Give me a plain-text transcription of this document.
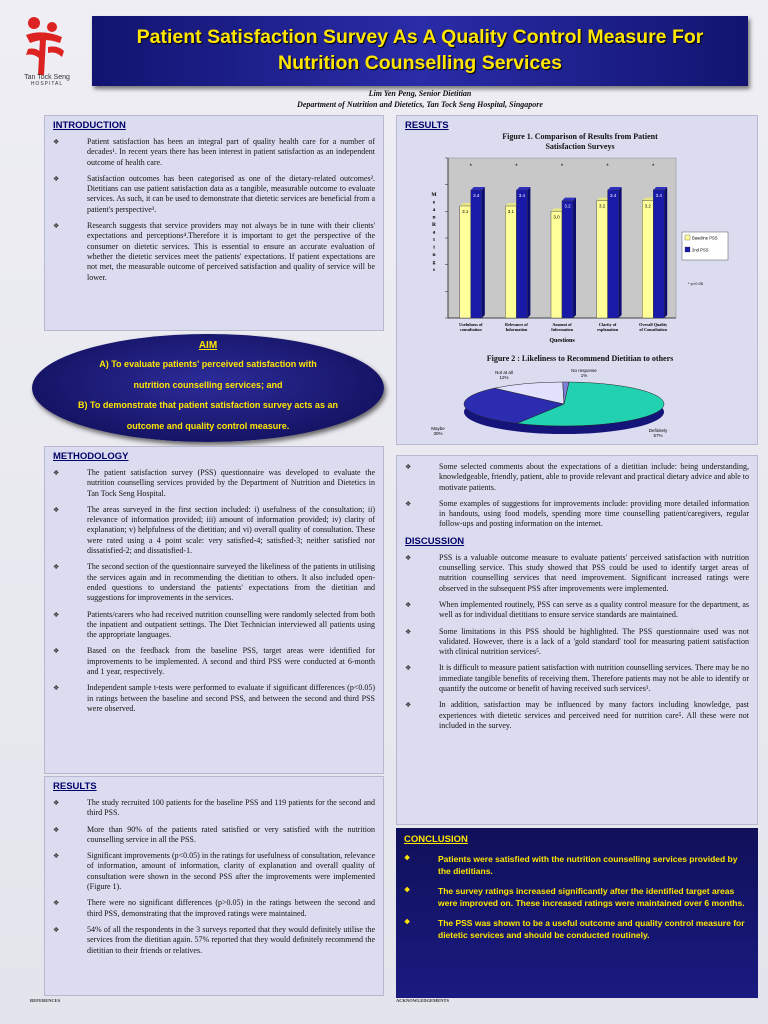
Tan Tock Seng
HOSPITAL
Patient Satisfaction Survey As A Quality Control Measure For
Nutrition Counselling Services
Lim Yen Peng, Senior Dietitian
Department of Nutrition and Dietetics, Tan Tock Seng Hospital, Singapore
INTRODUCTION
❖	Patient satisfaction has been an integral part of quality health care for a number of decades¹. In recent years there has been interest in patient satisfaction as an independent outcome of health care.
❖	Satisfaction outcomes has been categorised as one of the dietary-related outcomes². Dietitians can use patient satisfaction data as a tangible, measurable outcome to evaluate services. As such, it can be used to demonstrate that dietetic services are beneficial from a patient's perspective³.
❖	Research suggests that service providers may not always be in tune with their clients' expectations and perceptions⁴.Therefore it is important to get the perspective of the consumer on dietetic services. This is essential to ensure an accurate evaluation of whether the dietetic services meet the patients' expectations. If patient expectations are not met, the measurable outcome of perceived satisfaction and quality of service will be lower.
AIM
A) To evaluate patients' perceived satisfaction with
nutrition counselling services; and
B) To demonstrate that patient satisfaction survey acts as an
outcome and quality control measure.
METHODOLOGY
❖	The patient satisfaction survey (PSS) questionnaire was developed to evaluate the nutrition counselling services provided by the Department of Nutrition and Dietetics in Tan Tock Seng Hospital.
❖	The areas surveyed in the first section included: i) usefulness of the consultation; ii) relevance of information provided; iii) amount of information provided; iv) clarity of explanation; v) helpfulness of the dietitian; and vi) overall quality of consultation. These were rated using a 4 point scale: very satisfied-4; satisfied-3; neither satisfied nor dissatisfied-2; and dissatisfied-1.
❖	The second section of the questionnaire surveyed the likeliness of the patients in utilising the services again and in recommending the dietitian to others. It also included open-ended questions to understand the patients' expectations from the dietitian and suggestions for improvements in the services.
❖	Patients/carers who had received nutrition counselling were randomly selected from both the inpatient and outpatient settings. The Diet Technician interviewed all patients using the appropriate languages.
❖	Based on the feedback from the baseline PSS, target areas were identified for improvements to be implemented. A second and third PSS were conducted at 6-month and 1 year, respectively.
❖	Independent sample t-tests were performed to evaluate if significant differences (p<0.05) in ratings between the baseline and second PSS, and between the second and third PSS were observed.
RESULTS
❖	The study recruited 100 patients for the baseline PSS and 119 patients for the second and third PSS.
❖	More than 90% of the patients rated satisfied or very satisfied with the nutrition counselling service in all the PSS.
❖	Significant improvements (p<0.05) in the ratings for usefulness of consultation, relevance of information, amount of information, clarity of explanation and overall quality of consultation were shown in the second PSS after the improvements were implemented (Figure 1).
❖	There were no significant differences (p>0.05) in the ratings between the second and third PSS, demonstrating that the improved ratings were maintained.
❖	54% of all the respondents in the 3 surveys reported that they would definitely utilise the services from the dietitian again. 57% reported that they would definitely recommend the dietitian to their friends or relatives.
RESULTS
Figure 1. Comparison of Results from Patient
Satisfaction Surveys
M e a n R a t i n g s
3.1
3.4
*
Usefulness of consultation
3.1
3.4
*
Relevance of Information
3.0
3.2
*
Amount of Information
3.2
3.4
*
Clarity of explanation
3.2
3.4
*
Overall Quality of Consultation
Questions
Baseline PSS
2nd PSS
* p<0.05
Figure 2 : Likeliness to Recommend Dietitian to others
Definitely 57%
Maybe 30%
Not at all 12%
No response 1%
❖	Some selected comments about the expectations of a dietitian include: being understanding, knowledgeable, friendly, patient, able to provide relevant and practical dietary advice and able to motivate patients.
❖	Some examples of suggestions for improvements include: providing more detailed information in handouts, using food models, spending more time counselling patient/caregivers, regular follow-ups and posting information on the internet.
DISCUSSION
❖	PSS is a valuable outcome measure to evaluate patients' perceived satisfaction with nutrition counselling service. This study showed that PSS could be used to identify target areas of nutrition counselling services that need improvement. Significant increased ratings were observed in the subsequent PSS after improvements were implemented.
❖	When implemented routinely, PSS can serve as a quality control measure for the department, as well as for individual dietitians to ensure service standards are maintained.
❖	Some limitations in this PSS should be highlighted. The PSS questionnaire used was not validated. However, there is a lack of a 'gold standard' tool for measuring patient satisfaction with clinical nutrition services⁵.
❖	It is difficult to measure patient satisfaction with nutrition counselling services. There may be no immediate tangible benefits of receiving them. Therefore patients may not be able to identify or quantify the outcome or benefit of having received such services³.
❖	In addition, satisfaction may be influenced by many factors including knowledge, past experiences with dietetic services and perceived need for nutrition care⁵. All these were not included in the survey.
CONCLUSION
❖	Patients were satisfied with the nutrition counselling services provided by the dietitians.
❖	The survey ratings increased significantly after the identified target areas were improved on. These increased ratings were maintained over 6 months.
❖	The PSS was shown to be a useful outcome and quality control measure for dietetic services and should be conducted routinely.
REFERENCES	ACKNOWLEDGEMENTS
